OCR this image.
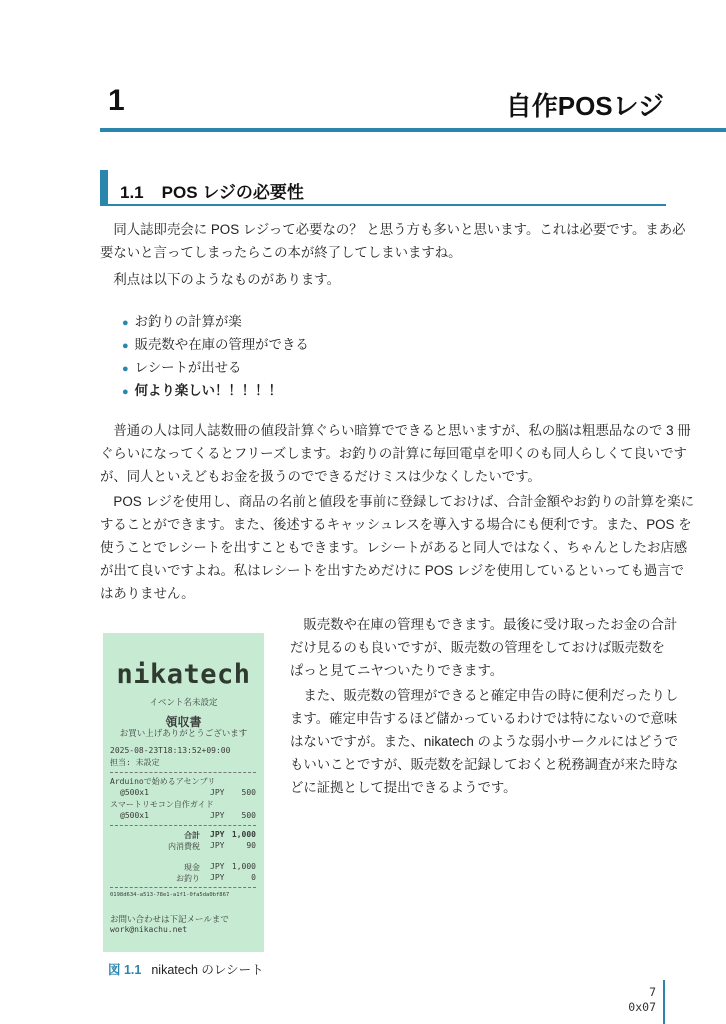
1	自作POSレジ
1.1 POS レジの必要性
　同人誌即売会に POS レジって必要なの？ と思う方も多いと思います。これは必要です。まあ必
要ないと言ってしまったらこの本が終了してしまいますね。
　利点は以下のようなものがあります。
● お釣りの計算が楽
● 販売数や在庫の管理ができる
● レシートが出せる
● 何より楽しい！！！！！
　普通の人は同人誌数冊の値段計算ぐらい暗算でできると思いますが、私の脳は粗悪品なので 3 冊
ぐらいになってくるとフリーズします。お釣りの計算に毎回電卓を叩くのも同人らしくて良いです
が、同人といえどもお金を扱うのでできるだけミスは少なくしたいです。
　POS レジを使用し、商品の名前と値段を事前に登録しておけば、合計金額やお釣りの計算を楽に
することができます。また、後述するキャッシュレスを導入する場合にも便利です。また、POS を
使うことでレシートを出すこともできます。レシートがあると同人ではなく、ちゃんとしたお店感
が出て良いですよね。私はレシートを出すためだけに POS レジを使用しているといっても過言で
はありません。
　販売数や在庫の管理もできます。最後に受け取ったお金の合計
だけ見るのも良いですが、販売数の管理をしておけば販売数を
ぱっと見てニヤついたりできます。
　また、販売数の管理ができると確定申告の時に便利だったりし
ます。確定申告するほど儲かっているわけでは特にないので意味
はないですが。また、nikatech のような弱小サークルにはどうで
もいいことですが、販売数を記録しておくと税務調査が来た時な
どに証拠として提出できるようです。
nikatech
イベント名未設定
領収書
お買い上げありがとうございます
2025-08-23T18:13:52+09:00
担当: 未設定
Arduinoで始めるアセンブリ
@500x1	JPY 500
スマートリモコン自作ガイド
@500x1	JPY 500
合計 JPY 1,000
内消費税 JPY	90
現金 JPY 1,000
お釣り JPY	0
0198d634-a513-78e1-a1f1-0fa5da0bf867
お問い合わせは下記メールまで
work@nikachu.net
図 1.1 nikatech のレシート
7
0x07
